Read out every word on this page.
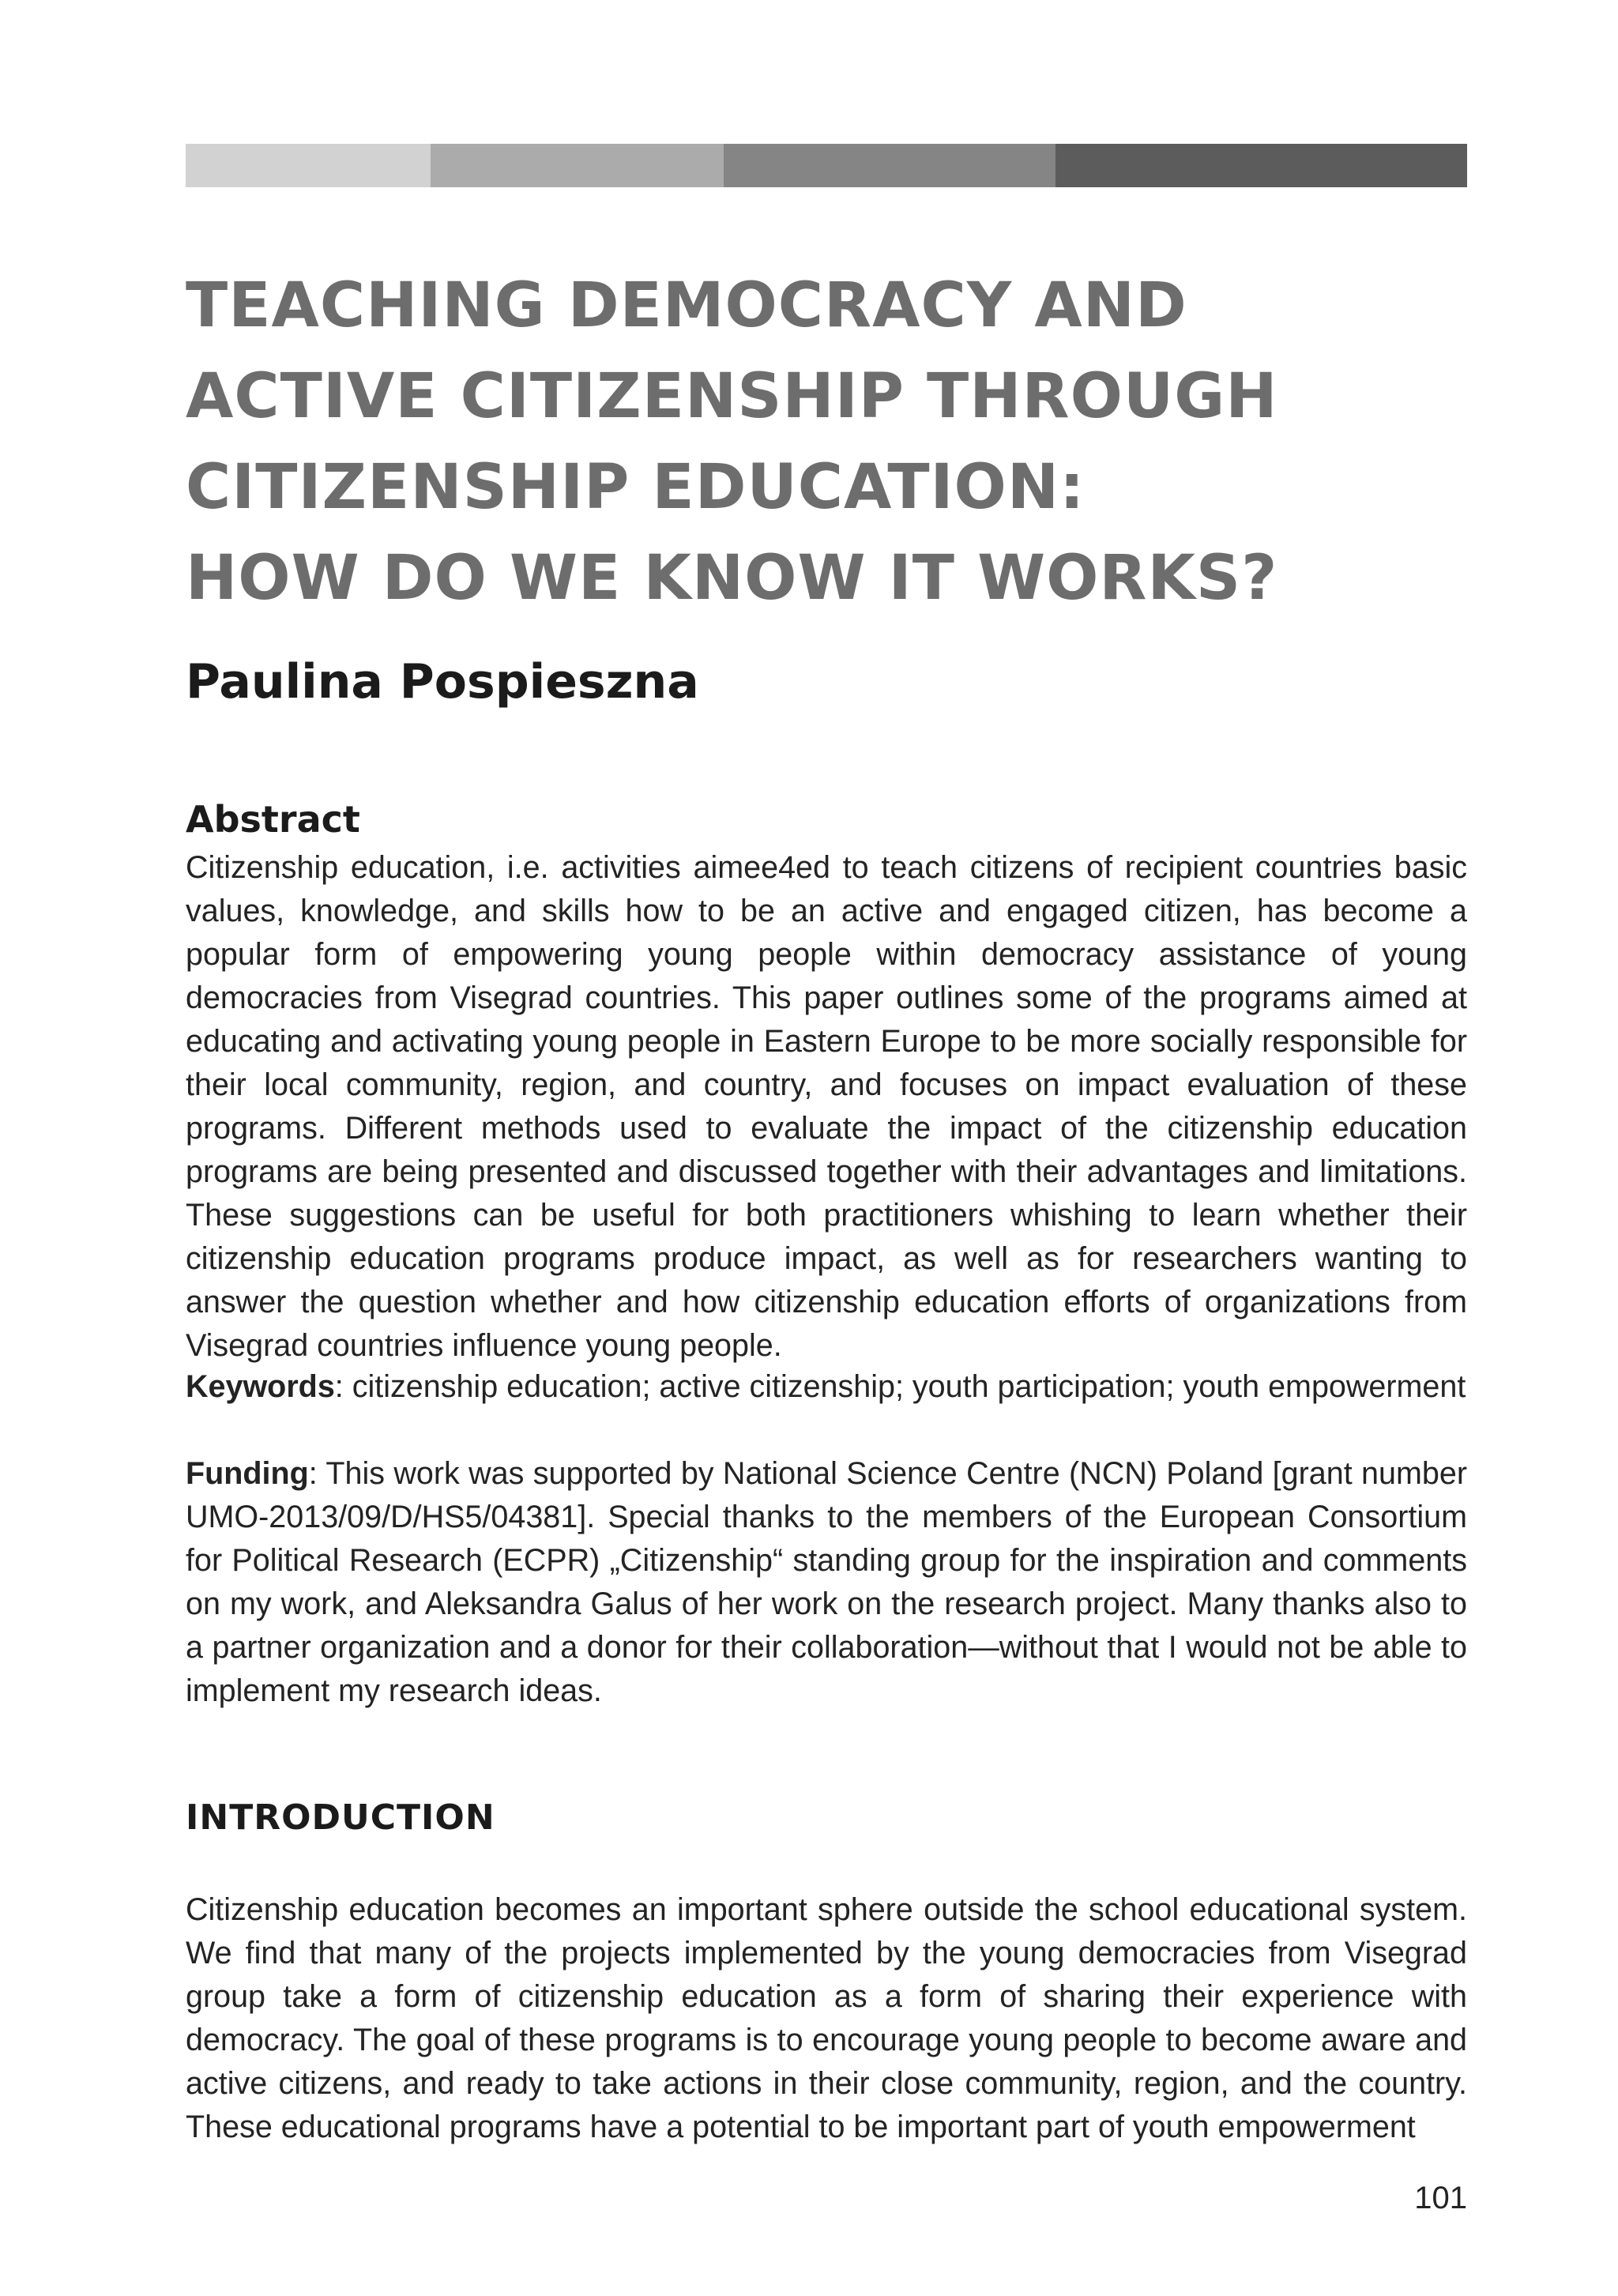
TEACHING DEMOCRACY AND
ACTIVE CITIZENSHIP THROUGH
CITIZENSHIP EDUCATION:
HOW DO WE KNOW IT WORKS?
Paulina Pospieszna
Abstract

Citizenship education, i.e. activities aimee4ed to teach citizens of recipient countries basic values, knowledge, and skills how to be an active and engaged citizen, has become a popular form of empowering young people within democracy assistance of young democracies from Visegrad countries. This paper outlines some of the programs aimed at educating and activating young people in Eastern Europe to be more socially responsible for their local community, region, and country, and focuses on impact evaluation of these programs. Different methods used to evaluate the impact of the citizenship education programs are being presented and discussed together with their advantages and limitations. These suggestions can be useful for both practitioners whishing to learn whether their citizenship education programs produce impact, as well as for researchers wanting to answer the question whether and how citizenship education efforts of organizations from Visegrad countries influence young people.

Keywords: citizenship education; active citizenship; youth participation; youth empowerment

Funding: This work was supported by National Science Centre (NCN) Poland [grant number UMO-2013/09/D/HS5/04381]. Special thanks to the members of the European Consortium for Political Research (ECPR) „Citizenship“ standing group for the inspiration and comments on my work, and Aleksandra Galus of her work on the research project. Many thanks also to a partner organization and a donor for their collaboration—without that I would not be able to implement my research ideas.

INTRODUCTION

Citizenship education becomes an important sphere outside the school educational system. We find that many of the projects implemented by the young democracies from Visegrad group take a form of citizenship education as a form of sharing their experience with democracy. The goal of these programs is to encourage young people to become aware and active citizens, and ready to take actions in their close community, region, and the country. These educational programs have a potential to be important part of youth empowerment

101
